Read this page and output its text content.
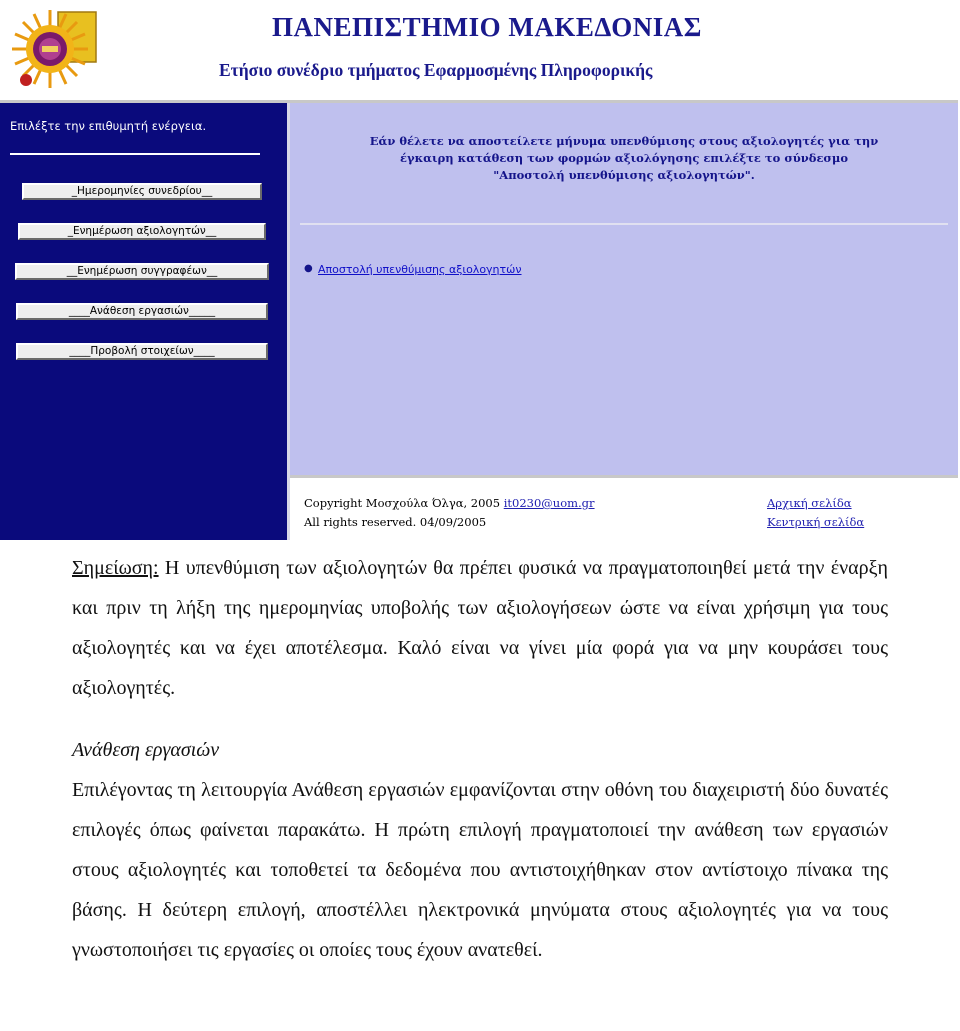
ΠΑΝΕΠΙΣΤΗΜΙΟ ΜΑΚΕΔΟΝΙΑΣ

Ετήσιο συνέδριο τμήματος Εφαρμοσμένης Πληροφορικής

Επιλέξτε την επιθυμητή ενέργεια.

_Ημερομηνίες συνεδρίου__
_Ενημέρωση αξιολογητών__
__Ενημέρωση συγγραφέων__
____Ανάθεση εργασιών_____
____Προβολή στοιχείων____

Εάν θέλετε να αποστείλετε μήνυμα υπενθύμισης στους αξιολογητές για την
έγκαιρη κατάθεση των φορμών αξιολόγησης επιλέξτε το σύνδεσμο
"Αποστολή υπενθύμισης αξιολογητών".

● Αποστολή υπενθύμισης αξιολογητών
Copyright Μοσχούλα Όλγα, 2005 it0230@uom.gr
All rights reserved. 04/09/2005
Αρχική σελίδα
Κεντρική σελίδα

Σημείωση: Η υπενθύμιση των αξιολογητών θα πρέπει φυσικά να πραγματοποιηθεί μετά την έναρξη και πριν τη λήξη της ημερομηνίας υποβολής των αξιολογήσεων ώστε να είναι χρήσιμη για τους αξιολογητές και να έχει αποτέλεσμα. Καλό είναι να γίνει μία φορά για να μην κουράσει τους αξιολογητές.

Ανάθεση εργασιών

Επιλέγοντας τη λειτουργία Ανάθεση εργασιών εμφανίζονται στην οθόνη του διαχειριστή δύο δυνατές επιλογές όπως φαίνεται παρακάτω. Η πρώτη επιλογή πραγματοποιεί την ανάθεση των εργασιών στους αξιολογητές και τοποθετεί τα δεδομένα που αντιστοιχήθηκαν στον αντίστοιχο πίνακα της βάσης. Η δεύτερη επιλογή, αποστέλλει ηλεκτρονικά μηνύματα στους αξιολογητές για να τους γνωστοποιήσει τις εργασίες οι οποίες τους έχουν ανατεθεί.
